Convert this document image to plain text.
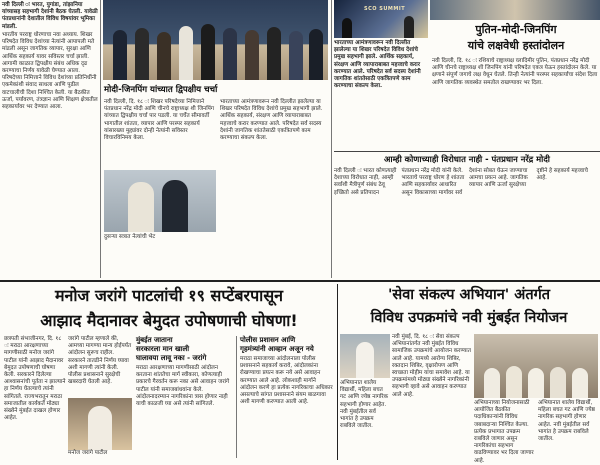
नवी दिल्ली ः भारत, युगांडा, तांझानिया यांच्यासह सहभागी देशांनी बैठक घेतली. यावेळी पंतप्रधानांनी देशातील विविध विषयांवर भूमिका मांडली.
भारतीय परराष्ट्र धोरणाचा नवा अध्याय. शिखर परिषदेत विविध देशांच्या नेत्यांनी आपापली मते मांडली असून जागतिक व्यापार, सुरक्षा आणि आर्थिक सहकार्य यावर सविस्तर चर्चा झाली. आगामी काळात द्विपक्षीय संबंध अधिक दृढ करण्याचा निर्णय यावेळी घेण्यात आला. परिषदेच्या निमित्ताने विविध देशांच्या प्रतिनिधींनी एकमेकांशी संवाद साधला आणि पुढील वाटचालीची दिशा निश्चित केली. या बैठकीत ऊर्जा, पर्यावरण, तंत्रज्ञान आणि शिक्षण क्षेत्रातील सहकार्यावर भर देण्यात आला.
मोदी-जिनपिंग यांच्यात द्विपक्षीय चर्चा
नवी दिल्ली, दि. १८ ः शिखर परिषदेच्या निमित्ताने पंतप्रधान नरेंद्र मोदी आणि चीनचे राष्ट्राध्यक्ष शी जिनपिंग यांच्यात द्विपक्षीय चर्चा पार पडली. या चर्चेत सीमावर्ती भागातील शांतता, व्यापार आणि परस्पर सहकार्य यांसारख्या मुद्द्यांवर दोन्ही नेत्यांनी सविस्तर विचारविनिमय केला.
भारताच्या आमंत्रणावरून नवी दिल्लीत झालेल्या या शिखर परिषदेत विविध देशांचे प्रमुख सहभागी झाले. आर्थिक सहकार्य, संरक्षण आणि व्यापाराबाबत महत्त्वाचे करार करण्यात आले. परिषदेत सर्व सदस्य देशांनी जागतिक शांततेसाठी एकत्रितपणे काम करण्याचा संकल्प केला.
दुसऱ्या सत्रात नेत्यांची भेट
SCO SUMMIT
भारताच्या आमंत्रणावरून नवी दिल्लीत झालेल्या या शिखर परिषदेत विविध देशांचे प्रमुख सहभागी झाले. आर्थिक सहकार्य, संरक्षण आणि व्यापाराबाबत महत्त्वाचे करार करण्यात आले. परिषदेत सर्व सदस्य देशांनी जागतिक शांततेसाठी एकत्रितपणे काम करण्याचा संकल्प केला.
पुतिन-मोदी-जिनपिंग
यांचे लक्षवेधी हस्तांदोलन
नवी दिल्ली, दि. १८ ः रशियाचे राष्ट्राध्यक्ष व्लादिमीर पुतिन, पंतप्रधान नरेंद्र मोदी आणि चीनचे राष्ट्राध्यक्ष शी जिनपिंग यांनी परिषदेत एकत्र येऊन हस्तांदोलन केले. या क्षणाने संपूर्ण जगाचे लक्ष वेधून घेतले. तिन्ही नेत्यांनी परस्पर सहकार्याचा संदेश दिला आणि जागतिक व्यवस्थेत समतोल राखण्यावर भर दिला.
आम्ही कोणाच्याही विरोधात नाही - पंतप्रधान नरेंद्र मोदी
नवी दिल्ली ः भारत कोणत्याही देशाच्या विरोधात नाही, आम्ही सर्वांशी मैत्रीपूर्ण संबंध ठेवू इच्छितो असे प्रतिपादन पंतप्रधान नरेंद्र मोदी यांनी केले. भारताचे परराष्ट्र धोरण हे शांतता आणि सहकार्यावर आधारित असून विकासाच्या मार्गावर सर्व देशांना सोबत घेऊन जाण्याचा आमचा प्रयत्न आहे. जागतिक व्यापार आणि ऊर्जा सुरक्षेच्या दृष्टीने हे सहकार्य महत्त्वाचे आहे.
मनोज जरांगे पाटलांची १९ सप्टेंबरपासून
आझाद मैदानावर बेमुदत उपोषणाची घोषणा!
छत्रपती संभाजीनगर, दि. १८ ः मराठा आरक्षणाच्या मागणीसाठी मनोज जरांगे पाटील यांनी आझाद मैदानावर बेमुदत उपोषणाची घोषणा केली. सरकारने दिलेल्या आश्वासनांची पूर्तता न झाल्याने हा निर्णय घेतल्याचे त्यांनी सांगितले. राज्यभरातून मराठा समाजातील कार्यकर्ते मोठ्या संख्येने मुंबईत दाखल होणार आहेत.
जरांगे पाटील म्हणाले की, आमच्या मागण्या मान्य होईपर्यंत आंदोलन सुरूच राहील. सरकारने तातडीने निर्णय घ्यावा अशी मागणी त्यांनी केली. पोलीस प्रशासनाने सुरक्षेची खबरदारी घेतली आहे.
मनोज जरांगे पाटील
मुंबईत जाताना
सरकारला मान खाली
घालावया लावू नका - जरांगे
मराठा आरक्षणाच्या मागणीसाठी आंदोलन करताना शांततेचा मार्ग स्वीकारा, कोणत्याही प्रकारचे गैरवर्तन करू नका असे आवाहन जरांगे पाटील यांनी समाजबांधवांना केले. आंदोलनादरम्यान नागरिकांना त्रास होणार नाही याची काळजी घ्या असे त्यांनी सांगितले.
पोलीस प्रशासन आणि
गृहमंत्र्यांनी आव्हान अजून नये
मराठा समाजाच्या आंदोलनाला पोलीस प्रशासनाने सहकार्य करावे, आंदोलकांना रोखण्याचा प्रयत्न करू नये असे आवाहन करण्यात आले आहे. लोकशाही मार्गाने आंदोलन करणे हा प्रत्येक नागरिकाचा अधिकार असल्याचे सांगत प्रशासनाने संयम बाळगावा अशी मागणी करण्यात आली आहे.
'सेवा संकल्प अभियान' अंतर्गत
विविध उपक्रमांचे नवी मुंबईत नियोजन
नवी मुंबई, दि. १८ ः सेवा संकल्प अभियानांतर्गत नवी मुंबईत विविध सामाजिक उपक्रमांचे आयोजन करण्यात आले आहे. यामध्ये आरोग्य शिबिर, रक्तदान शिबिर, वृक्षारोपण आणि स्वच्छता मोहीम यांचा समावेश आहे. या उपक्रमांमध्ये मोठ्या संख्येने नागरिकांनी सहभागी व्हावे असे आवाहन करण्यात आले आहे.
अभियानाच्या नियोजनासाठी आयोजित बैठकीत पदाधिकाऱ्यांनी विविध जबाबदाऱ्या निश्चित केल्या. प्रत्येक प्रभागात उपक्रम राबविले जाणार असून नागरिकांचा सहभाग वाढविण्यावर भर दिला जाणार आहे.
अभियानात शालेय विद्यार्थी, महिला बचत गट आणि ज्येष्ठ नागरिक सहभागी होणार आहेत. नवी मुंबईतील सर्व भागांत हे उपक्रम राबविले जातील.
अभियानात शालेय विद्यार्थी, महिला बचत गट आणि ज्येष्ठ नागरिक सहभागी होणार आहेत. नवी मुंबईतील सर्व भागांत हे उपक्रम राबविले जातील.
